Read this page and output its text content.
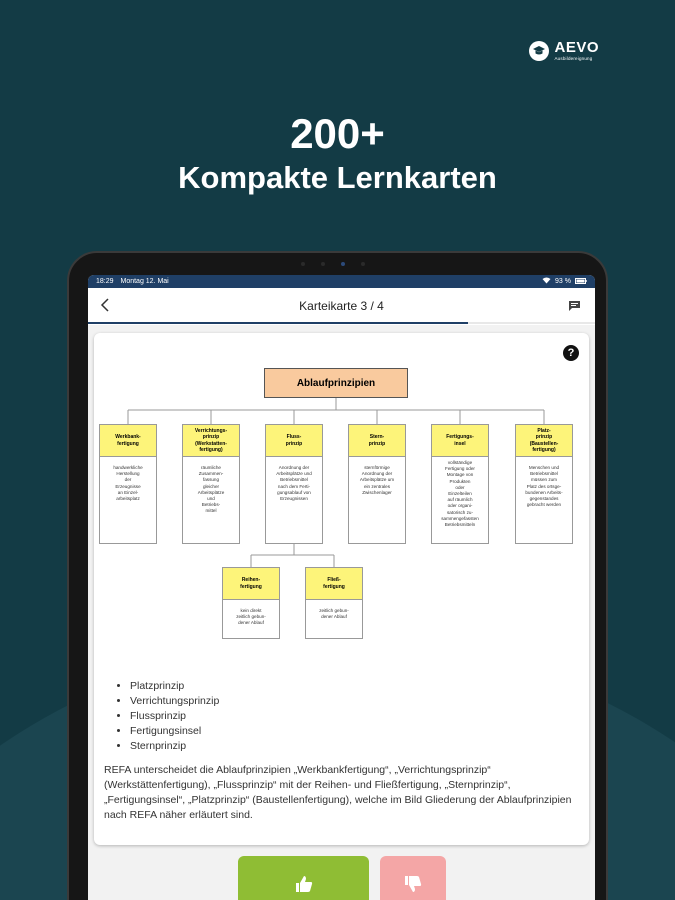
AEVO
Ausbildereignung
200+
Kompakte Lernkarten
18:29 Montag 12. Mai	93 %
Karteikarte 3 / 4
?
Ablaufprinzipien
Werkbank-
fertigung
handwerkliche
Herstellung
der
Erzeugnisse
an Einzel-
arbeitsplatz
Verrichtungs-
prinzip
(Werkstatten-
fertigung)
räumliche
Zusammen-
fassung
gleicher
Arbeitsplätze
und
Betriebs-
mittel
Fluss-
prinzip
Anordnung der
Arbeitsplätze und
Betriebsmittel
nach dem Ferti-
gungsablauf von
Erzeugnissen
Stern-
prinzip
sternförmige
Anordnung der
Arbeitsplätze um
ein zentrales
Zwischenlager
Fertigungs-
insel
vollständige
Fertigung oder
Montage von
Produkten
oder
Einzelteilen
auf räumlich
oder organi-
satorisch zu-
sammengefassten
Betriebsmitteln
Platz-
prinzip
(Baustellen-
fertigung)
Menschen und
Betriebsmittel
müssen zum
Platz des ortsge-
bundenen Arbeits-
gegenstandes
gebracht werden
Reihen-
fertigung
kein direkt
zeitlich gebun-
dener Ablauf
Fließ-
fertigung
zeitlich gebun-
dener Ablauf
• Platzprinzip
• Verrichtungsprinzip
• Flussprinzip
• Fertigungsinsel
• Sternprinzip

REFA unterscheidet die Ablaufprinzipien „Werkbankfertigung“, „Verrichtungsprinzip“ (Werkstättenfertigung), „Flussprinzip“ mit der Reihen- und Fließfertigung, „Sternprinzip“, „Fertigungsinsel“, „Platzprinzip“ (Baustellenfertigung), welche im Bild Gliederung der Ablaufprinzipien nach REFA näher erläutert sind.
